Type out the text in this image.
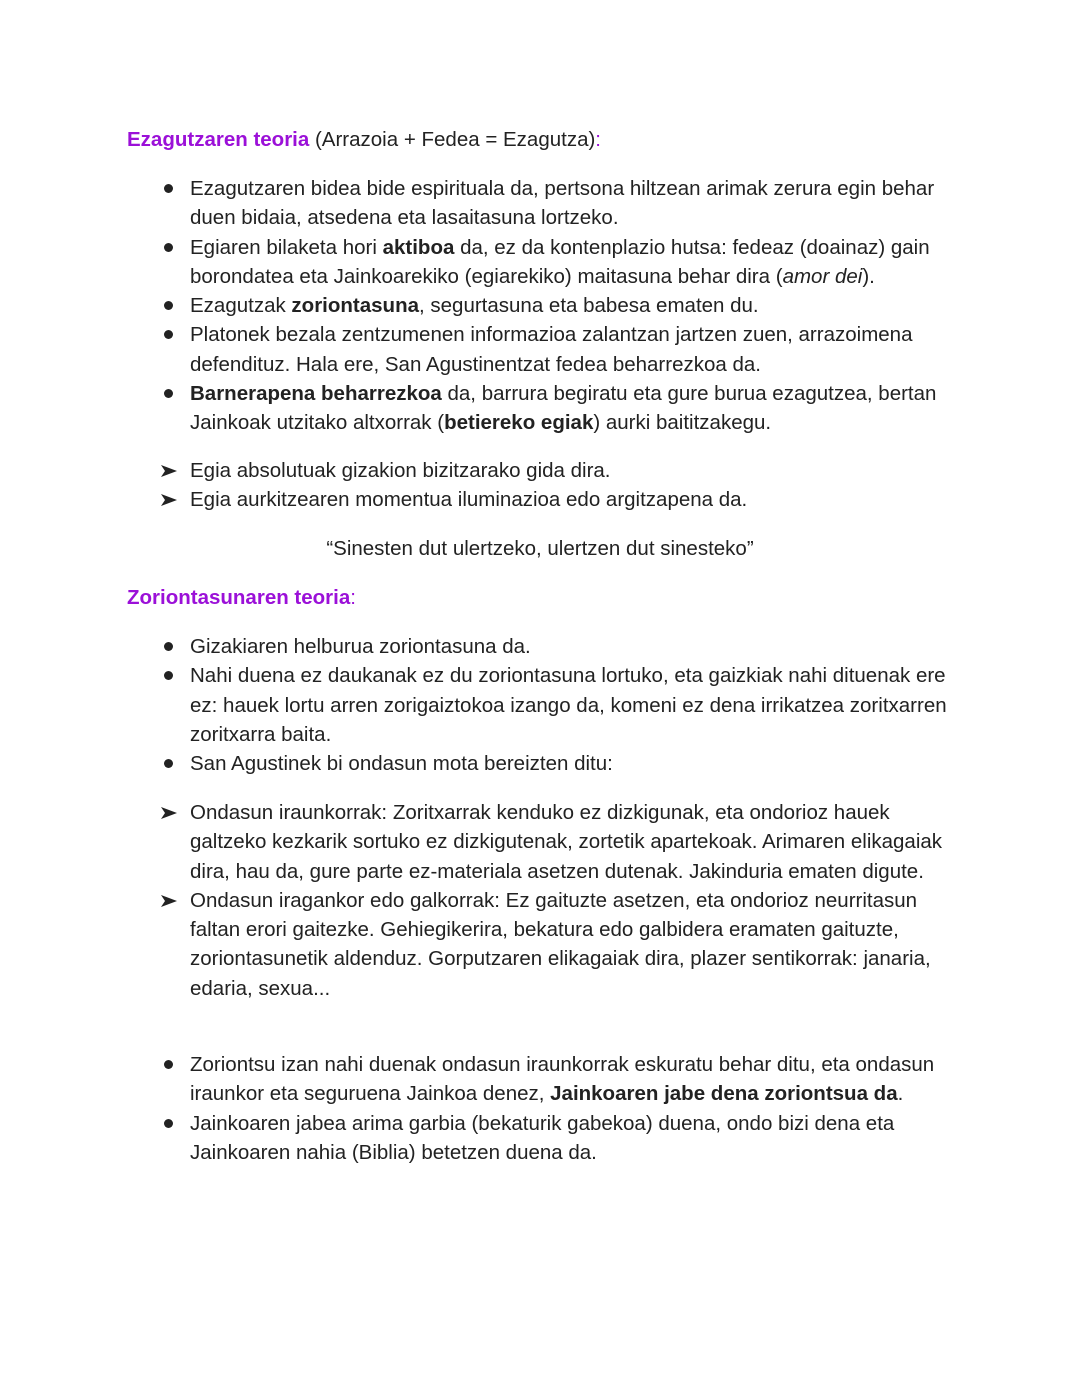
Ezagutzaren teoria (Arrazoia + Fedea = Ezagutza):
Ezagutzaren bidea bide espirituala da, pertsona hiltzean arimak zerura egin behar duen bidaia, atsedena eta lasaitasuna lortzeko.
Egiaren bilaketa hori aktiboa da, ez da kontenplazio hutsa: fedeaz (doainaz) gain borondatea eta Jainkoarekiko (egiarekiko) maitasuna behar dira (amor dei).
Ezagutzak zoriontasuna, segurtasuna eta babesa ematen du.
Platonek bezala zentzumenen informazioa zalantzan jartzen zuen, arrazoimena defendituz. Hala ere, San Agustinentzat fedea beharrezkoa da.
Barnerapena beharrezkoa da, barrura begiratu eta gure burua ezagutzea, bertan Jainkoak utzitako altxorrak (betiereko egiak) aurki baititzakegu.
Egia absolutuak gizakion bizitzarako gida dira.
Egia aurkitzearen momentua iluminazioa edo argitzapena da.

“Sinesten dut ulertzeko, ulertzen dut sinesteko”

Zoriontasunaren teoria:
Gizakiaren helburua zoriontasuna da.
Nahi duena ez daukanak ez du zoriontasuna lortuko, eta gaizkiak nahi dituenak ere ez: hauek lortu arren zorigaiztokoa izango da, komeni ez dena irrikatzea zoritxarren zoritxarra baita.
San Agustinek bi ondasun mota bereizten ditu:
Ondasun iraunkorrak: Zoritxarrak kenduko ez dizkigunak, eta ondorioz hauek galtzeko kezkarik sortuko ez dizkigutenak, zortetik apartekoak. Arimaren elikagaiak dira, hau da, gure parte ez-materiala asetzen dutenak. Jakinduria ematen digute.
Ondasun iragankor edo galkorrak: Ez gaituzte asetzen, eta ondorioz neurritasun faltan erori gaitezke. Gehiegikerira, bekatura edo galbidera eramaten gaituzte, zoriontasunetik aldenduz. Gorputzaren elikagaiak dira, plazer sentikorrak: janaria, edaria, sexua...
Zoriontsu izan nahi duenak ondasun iraunkorrak eskuratu behar ditu, eta ondasun iraunkor eta seguruena Jainkoa denez, Jainkoaren jabe dena zoriontsua da.
Jainkoaren jabea arima garbia (bekaturik gabekoa) duena, ondo bizi dena eta Jainkoaren nahia (Biblia) betetzen duena da.
